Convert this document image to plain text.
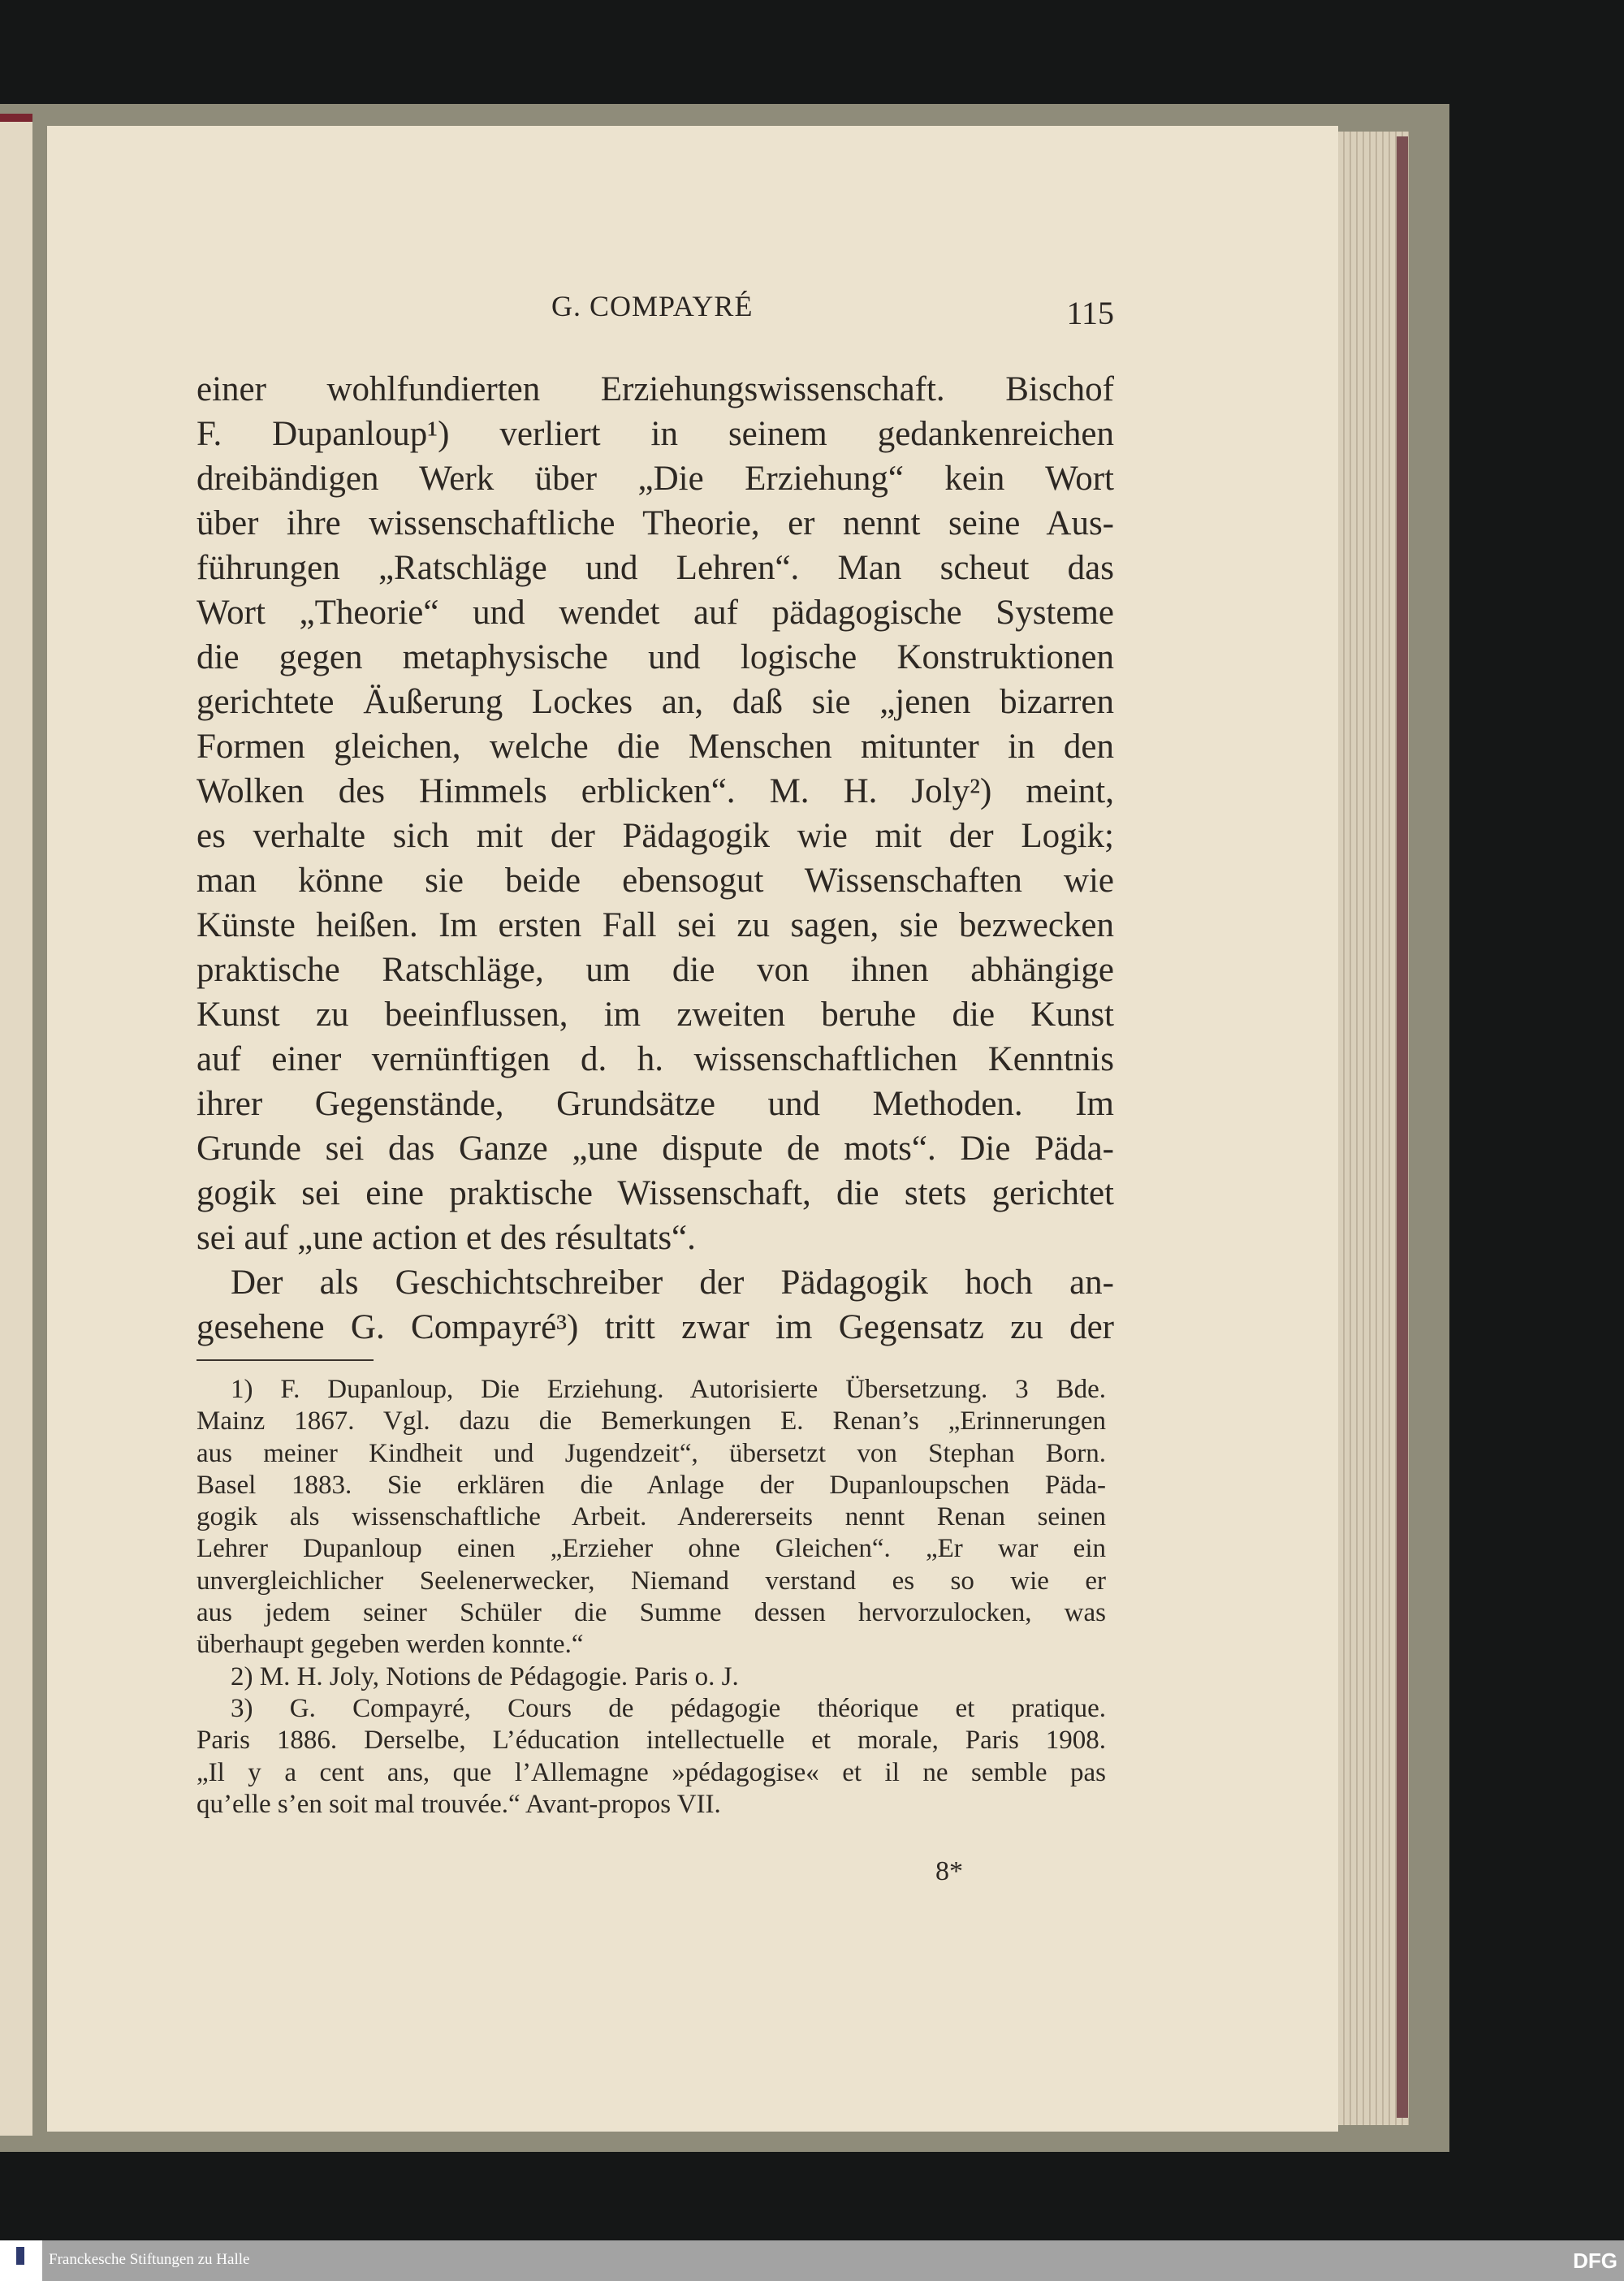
G. COMPAYRÉ	115
einer wohlfundierten Erziehungswissenschaft. Bischof
F. Dupanloup¹) verliert in seinem gedankenreichen
dreibändigen Werk über „Die Erziehung“ kein Wort
über ihre wissenschaftliche Theorie, er nennt seine Aus-
führungen „Ratschläge und Lehren“. Man scheut das
Wort „Theorie“ und wendet auf pädagogische Systeme
die gegen metaphysische und logische Konstruktionen
gerichtete Äußerung Lockes an, daß sie „jenen bizarren
Formen gleichen, welche die Menschen mitunter in den
Wolken des Himmels erblicken“. M. H. Joly²) meint,
es verhalte sich mit der Pädagogik wie mit der Logik;
man könne sie beide ebensogut Wissenschaften wie
Künste heißen. Im ersten Fall sei zu sagen, sie bezwecken
praktische Ratschläge, um die von ihnen abhängige
Kunst zu beeinflussen, im zweiten beruhe die Kunst
auf einer vernünftigen d. h. wissenschaftlichen Kenntnis
ihrer Gegenstände, Grundsätze und Methoden. Im
Grunde sei das Ganze „une dispute de mots“. Die Päda-
gogik sei eine praktische Wissenschaft, die stets gerichtet
sei auf „une action et des résultats“.
Der als Geschichtschreiber der Pädagogik hoch an-
gesehene G. Compayré³) tritt zwar im Gegensatz zu der
1) F. Dupanloup, Die Erziehung. Autorisierte Übersetzung. 3 Bde.
Mainz 1867. Vgl. dazu die Bemerkungen E. Renan’s „Erinnerungen
aus meiner Kindheit und Jugendzeit“, übersetzt von Stephan Born.
Basel 1883. Sie erklären die Anlage der Dupanloupschen Päda-
gogik als wissenschaftliche Arbeit. Andererseits nennt Renan seinen
Lehrer Dupanloup einen „Erzieher ohne Gleichen“. „Er war ein
unvergleichlicher Seelenerwecker, Niemand verstand es so wie er
aus jedem seiner Schüler die Summe dessen hervorzulocken, was
überhaupt gegeben werden konnte.“
2) M. H. Joly, Notions de Pédagogie. Paris o. J.
3) G. Compayré, Cours de pédagogie théorique et pratique.
Paris 1886. Derselbe, L’éducation intellectuelle et morale, Paris 1908.
„Il y a cent ans, que l’Allemagne »pédagogise« et il ne semble pas
qu’elle s’en soit mal trouvée.“ Avant-propos VII.
8*
Franckesche Stiftungen zu Halle	DFG
